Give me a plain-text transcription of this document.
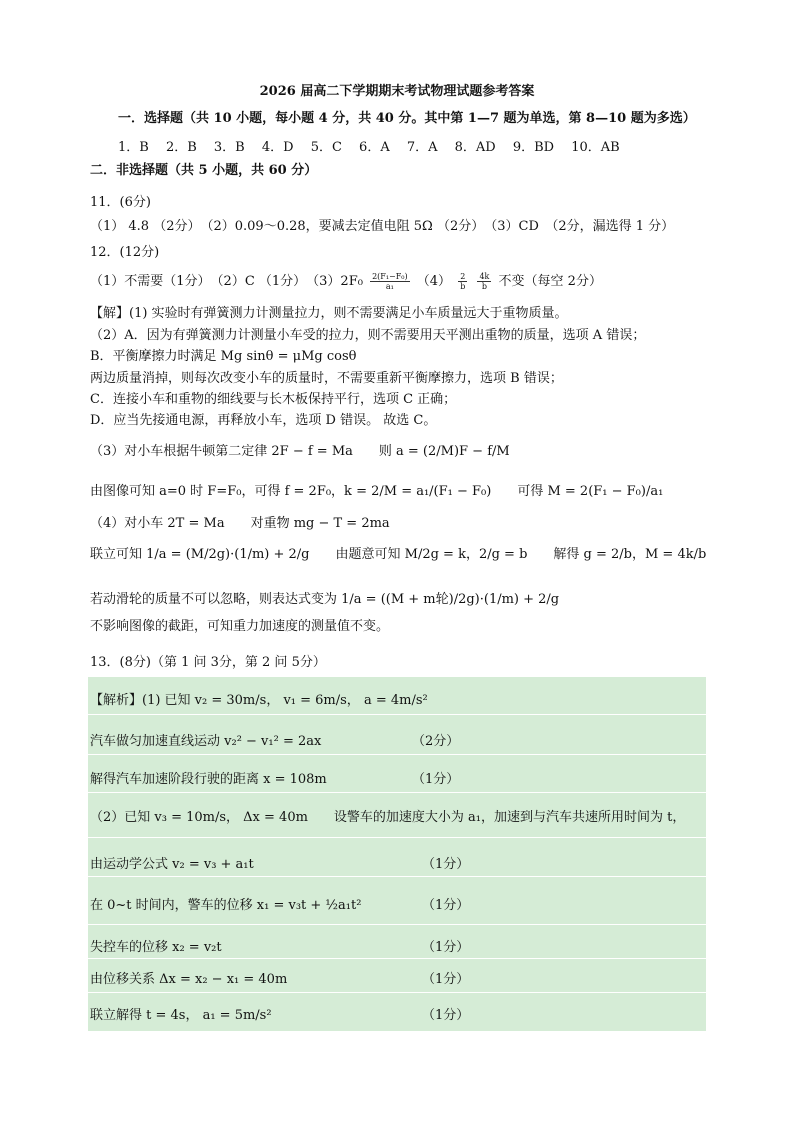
2026 届高二下学期期末考试物理试题参考答案
一．选择题（共 10 小题，每小题 4 分，共 40 分。其中第 1—7 题为单选，第 8—10 题为多选）
1．B　 2．B　 3．B　 4．D　 5．C　 6．A　 7．A　 8．AD　 9．BD　 10．AB
二．非选择题（共 5 小题，共 60 分）
11．(6分)
（1） 4.8 （2分）　（2）0.09～0.28，要减去定值电阻 5Ω （2分）　（3）CD　（2分，漏选得 1 分）
12．(12分)
（1）不需要（1分）　（2）C （1分）　$(3)2F_0 \frac{\text{2(F₁−F₀)}}{\text{a₁}} (4) \frac{2}{b}$
$\frac{4k}{b}$ 不变（每空 2分）
【解】(1) 实验时有弹簧测力计测量拉力，则不需要满足小车质量远大于重物质量。
（2）A．因为有弹簧测力计测量小车受的拉力，则不需要用天平测出重物的质量，选项 A 错误；
B．平衡摩擦力时满足 Mg sinθ = μMg cosθ
两边质量消掉，则每次改变小车的质量时，不需要重新平衡摩擦力，选项 B 错误；
C．连接小车和重物的细线要与长木板保持平行，选项 C 正确；
D．应当先接通电源，再释放小车，选项 D 错误。 故选 C。
（3）对小车根据牛顿第二定律 2F − f = Ma　　则 a = (2/M)F − f/M
由图像可知 a=0 时 F=F₀，可得 f = 2F₀，k = 2/M = a₁/(F₁ − F₀)　　可得 M = 2(F₁ − F₀)/a₁
（4）对小车 2T = Ma　　对重物 mg − T = 2ma
联立可知 1/a = (M/2g)·(1/m) + 2/g　　由题意可知 M/2g = k，2/g = b　　解得 g = 2/b，M = 4k/b
若动滑轮的质量不可以忽略，则表达式变为 1/a = ((M + m轮)/2g)·(1/m) + 2/g
不影响图像的截距，可知重力加速度的测量值不变。
13．(8分)（第 1 问 3分，第 2 问 5分）
【解析】(1) 已知 v₂ = 30m/s， v₁ = 6m/s， a = 4m/s²
汽车做匀加速直线运动 v₂² − v₁² = 2ax	（2分）
解得汽车加速阶段行驶的距离 x = 108m	（1分）
（2）已知 v₃ = 10m/s， Δx = 40m　　设警车的加速度大小为 a₁，加速到与汽车共速所用时间为 t，
由运动学公式 v₂ = v₃ + a₁t	（1分）
在 0~t 时间内，警车的位移 x₁ = v₃t + ½a₁t²	（1分）
失控车的位移 x₂ = v₂t	（1分）
由位移关系 Δx = x₂ − x₁ = 40m	（1分）
联立解得 t = 4s， a₁ = 5m/s²	（1分）
